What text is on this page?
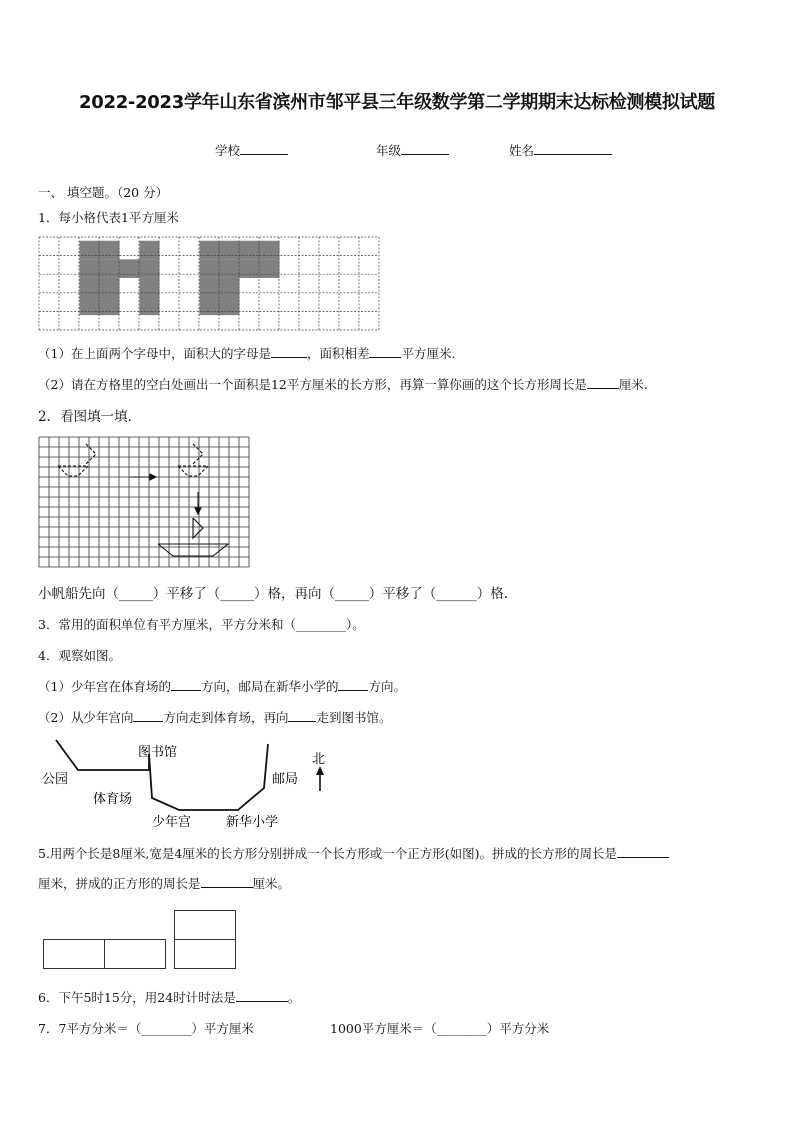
2022-2023学年山东省滨州市邹平县三年级数学第二学期期末达标检测模拟试题
学校	年级	姓名
一、 填空题。（20 分）
1．每小格代表1平方厘米
（1）在上面两个字母中，面积大的字母是	，面积相差	平方厘米.
（2）请在方格里的空白处画出一个面积是12平方厘米的长方形，再算一算你画的这个长方形周长是	厘米.
2．看图填一填．
小帆船先向（_____）平移了（_____）格，再向（_____）平移了（______）格.
3．常用的面积单位有平方厘米，平方分米和（________）。
4．观察如图。
（1）少年宫在体育场的 方向，邮局在新华小学的 方向。
（2）从少年宫向 方向走到体育场，再向 走到图书馆。
图书馆
公园
体育场
少年宫	新华小学
邮局
北
5.用两个长是8厘米,宽是4厘米的长方形分别拼成一个长方形或一个正方形(如图)。拼成的长方形的周长是
厘米，拼成的正方形的周长是	厘米。
6．下午5时15分，用24时计时法是	。
7．7平方分米＝（________）平方厘米	1000平方厘米＝（________）平方分米
